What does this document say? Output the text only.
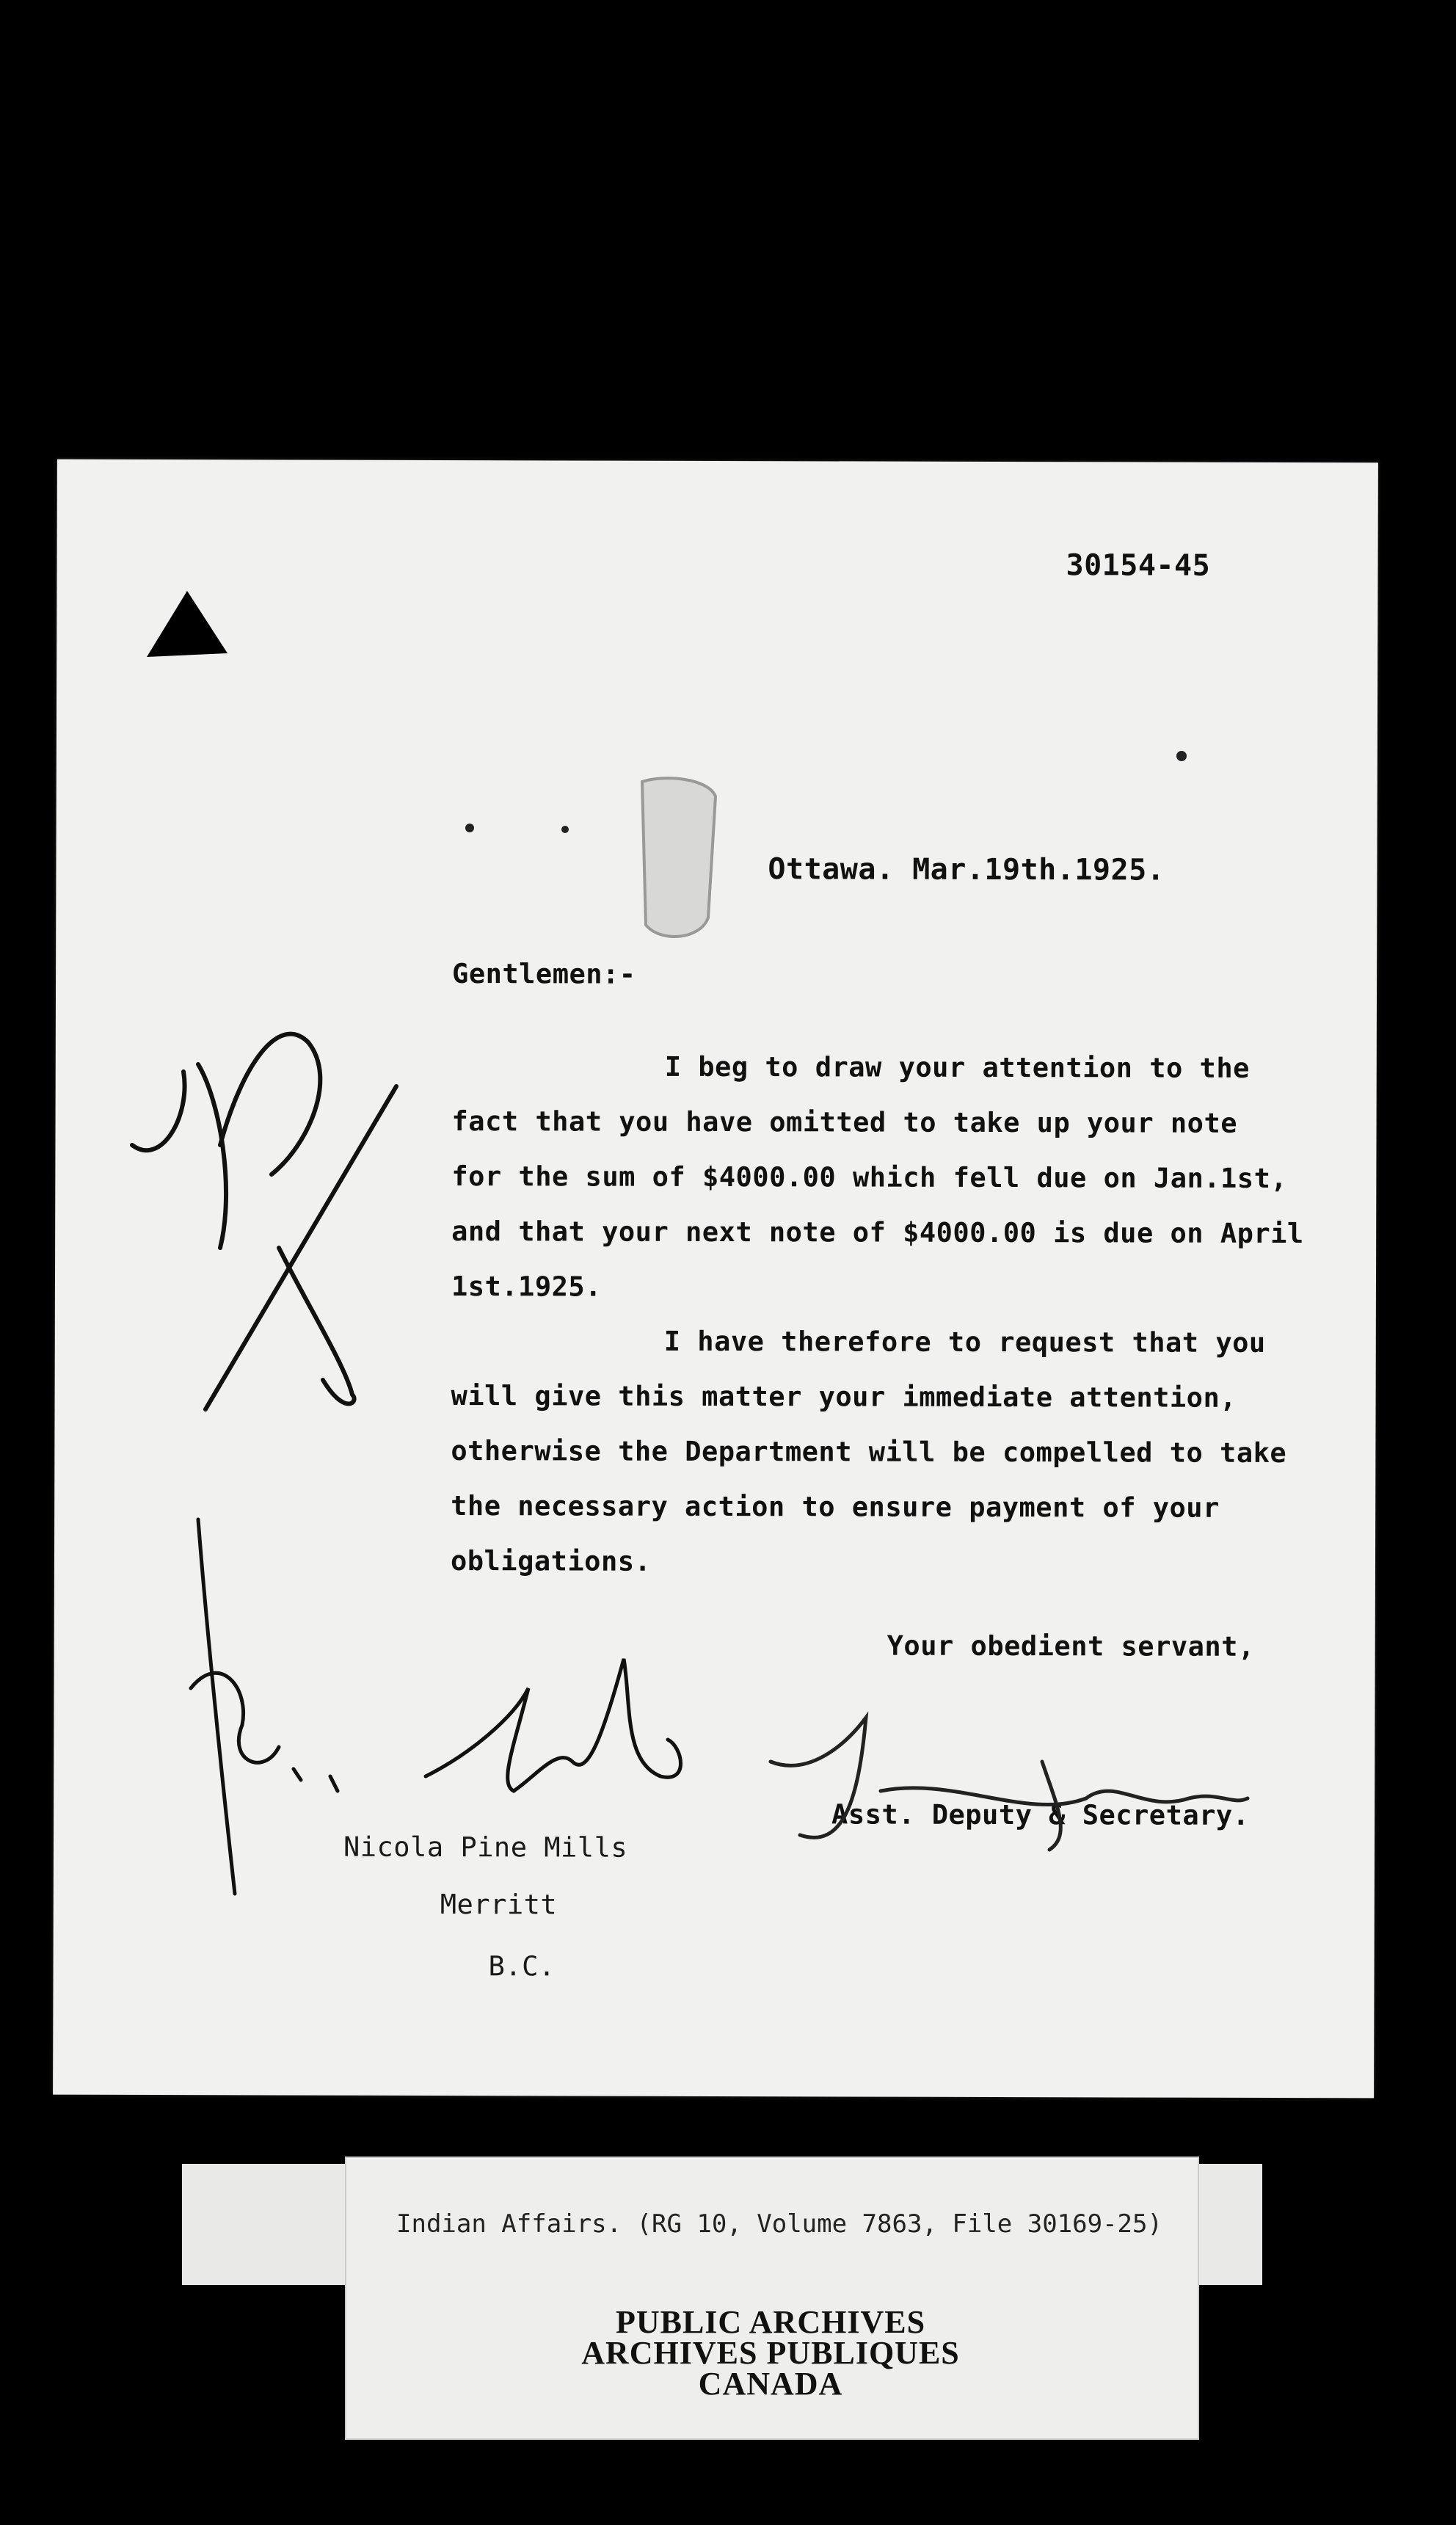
30154-45
Ottawa. Mar.19th.1925.
Gentlemen:-
I beg to draw your attention to the
fact that you have omitted to take up your note
for the sum of $4000.00 which fell due on Jan.1st,
and that your next note of $4000.00 is due on April
1st.1925.
I have therefore to request that you
will give this matter your immediate attention,
otherwise the Department will be compelled to take
the necessary action to ensure payment of your
obligations.
Your obedient servant,
Asst. Deputy & Secretary.
Nicola Pine Mills
Merritt
B.C.
Indian Affairs. (RG 10, Volume 7863, File 30169-25)
PUBLIC ARCHIVES
ARCHIVES PUBLIQUES
CANADA
